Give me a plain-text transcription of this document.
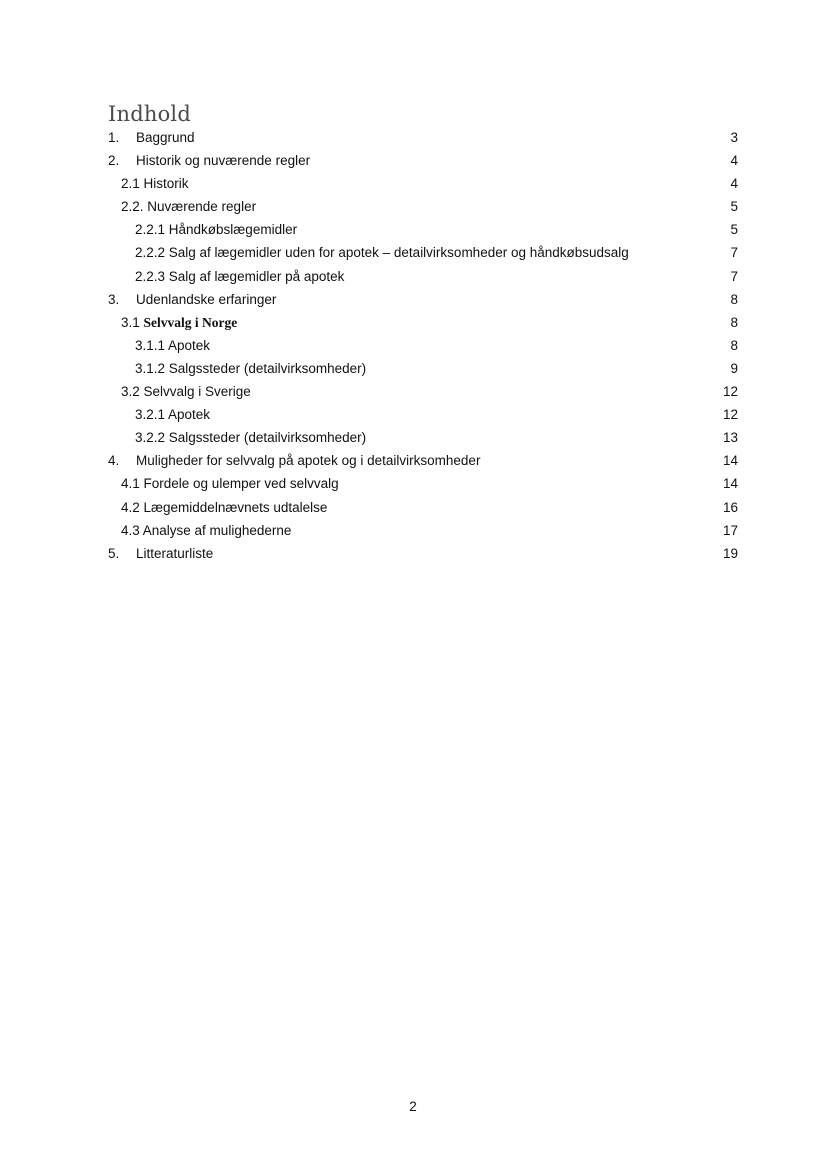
Indhold
1. Baggrund	3
2. Historik og nuværende regler	4
2.1 Historik	4
2.2. Nuværende regler	5
2.2.1 Håndkøbslægemidler	5
2.2.2 Salg af lægemidler uden for apotek – detailvirksomheder og håndkøbsudsalg	7
2.2.3 Salg af lægemidler på apotek	7
3. Udenlandske erfaringer	8
3.1 Selvvalg i Norge	8
3.1.1 Apotek	8
3.1.2 Salgssteder (detailvirksomheder)	9
3.2 Selvvalg i Sverige	12
3.2.1 Apotek	12
3.2.2 Salgssteder (detailvirksomheder)	13
4. Muligheder for selvvalg på apotek og i detailvirksomheder	14
4.1 Fordele og ulemper ved selvvalg	14
4.2 Lægemiddelnævnets udtalelse	16
4.3 Analyse af mulighederne	17
5. Litteraturliste	19
2
